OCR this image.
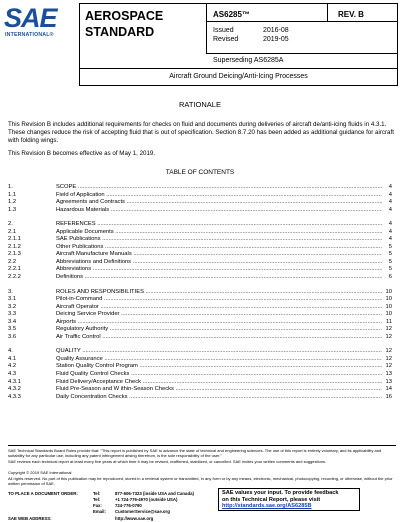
SAE
INTERNATIONAL®
AEROSPACE
STANDARD
AS6285™	REV. B
Issued	2016-08
Revised	2019-05
Superseding AS6285A
Aircraft Ground Deicing/Anti-Icing Processes
RATIONALE
This Revision B includes additional requirements for checks on fluid and documents during deliveries of aircraft de/anti-icing fluids in 4.3.1. These changes reduce the risk of accepting fluid that is out of specification. Section 8.7.20 has been added as additional guidance for aircraft with folding wings.
This Revision B becomes effective as of May 1, 2019.
TABLE OF CONTENTS
1.	SCOPE .....	4
1.1	Field of Application .....	4
1.2	Agreements and Contracts .....	4
1.3	Hazardous Materials .....	4
2.	REFERENCES .....	4
2.1	Applicable Documents .....	4
2.1.1	SAE Publications .....	4
2.1.2	Other Publications .....	5
2.1.3	Aircraft Manufacture Manuals .....	5
2.2	Abbreviations and Definitions .....	5
2.2.1	Abbreviations .....	5
2.2.2	Definitions .....	6
3.	ROLES AND RESPONSIBILITIES .....	10
3.1	Pilot-in-Command .....	10
3.2	Aircraft Operator .....	10
3.3	Deicing Service Provider .....	10
3.4	Airports .....	11
3.5	Regulatory Authority .....	12
3.6	Air Traffic Control .....	12
4.	QUALITY .....	12
4.1	Quality Assurance .....	12
4.2	Station Quality Control Program .....	12
4.3	Fluid Quality Control Checks .....	13
4.3.1	Fluid Delivery/Acceptance Check .....	13
4.3.2	Fluid Pre-Season and W ithin-Season Checks .....	14
4.3.3	Daily Concentration Checks .....	16
SAE Technical Standards Board Rules provide that: "This report is published by SAE to advance the state of technical and engineering sciences. The use of this report is entirely voluntary, and its applicability and suitability for any particular use, including any patent infringement arising therefrom, is the sole responsibility of the user."
SAE reviews each technical report at least every five years at which time it may be revised, reaffirmed, stabilized, or cancelled. SAE invites your written comments and suggestions.
Copyright © 2019 SAE International
All rights reserved. No part of this publication may be reproduced, stored in a retrieval system or transmitted, in any form or by any means, electronic, mechanical, photocopying, recording, or otherwise, without the prior written permission of SAE.
TO PLACE A DOCUMENT ORDER:	Tel:	877-606-7323 (inside USA and Canada)
Tel:	+1 724-776-4970 (outside USA)
Fax:	724-776-0790
Email: CustomerService@sae.org
SAE WEB ADDRESS:	http://www.sae.org
SAE values your input. To provide feedback
on this Technical Report, please visit
http://standards.sae.org/AS6285B
